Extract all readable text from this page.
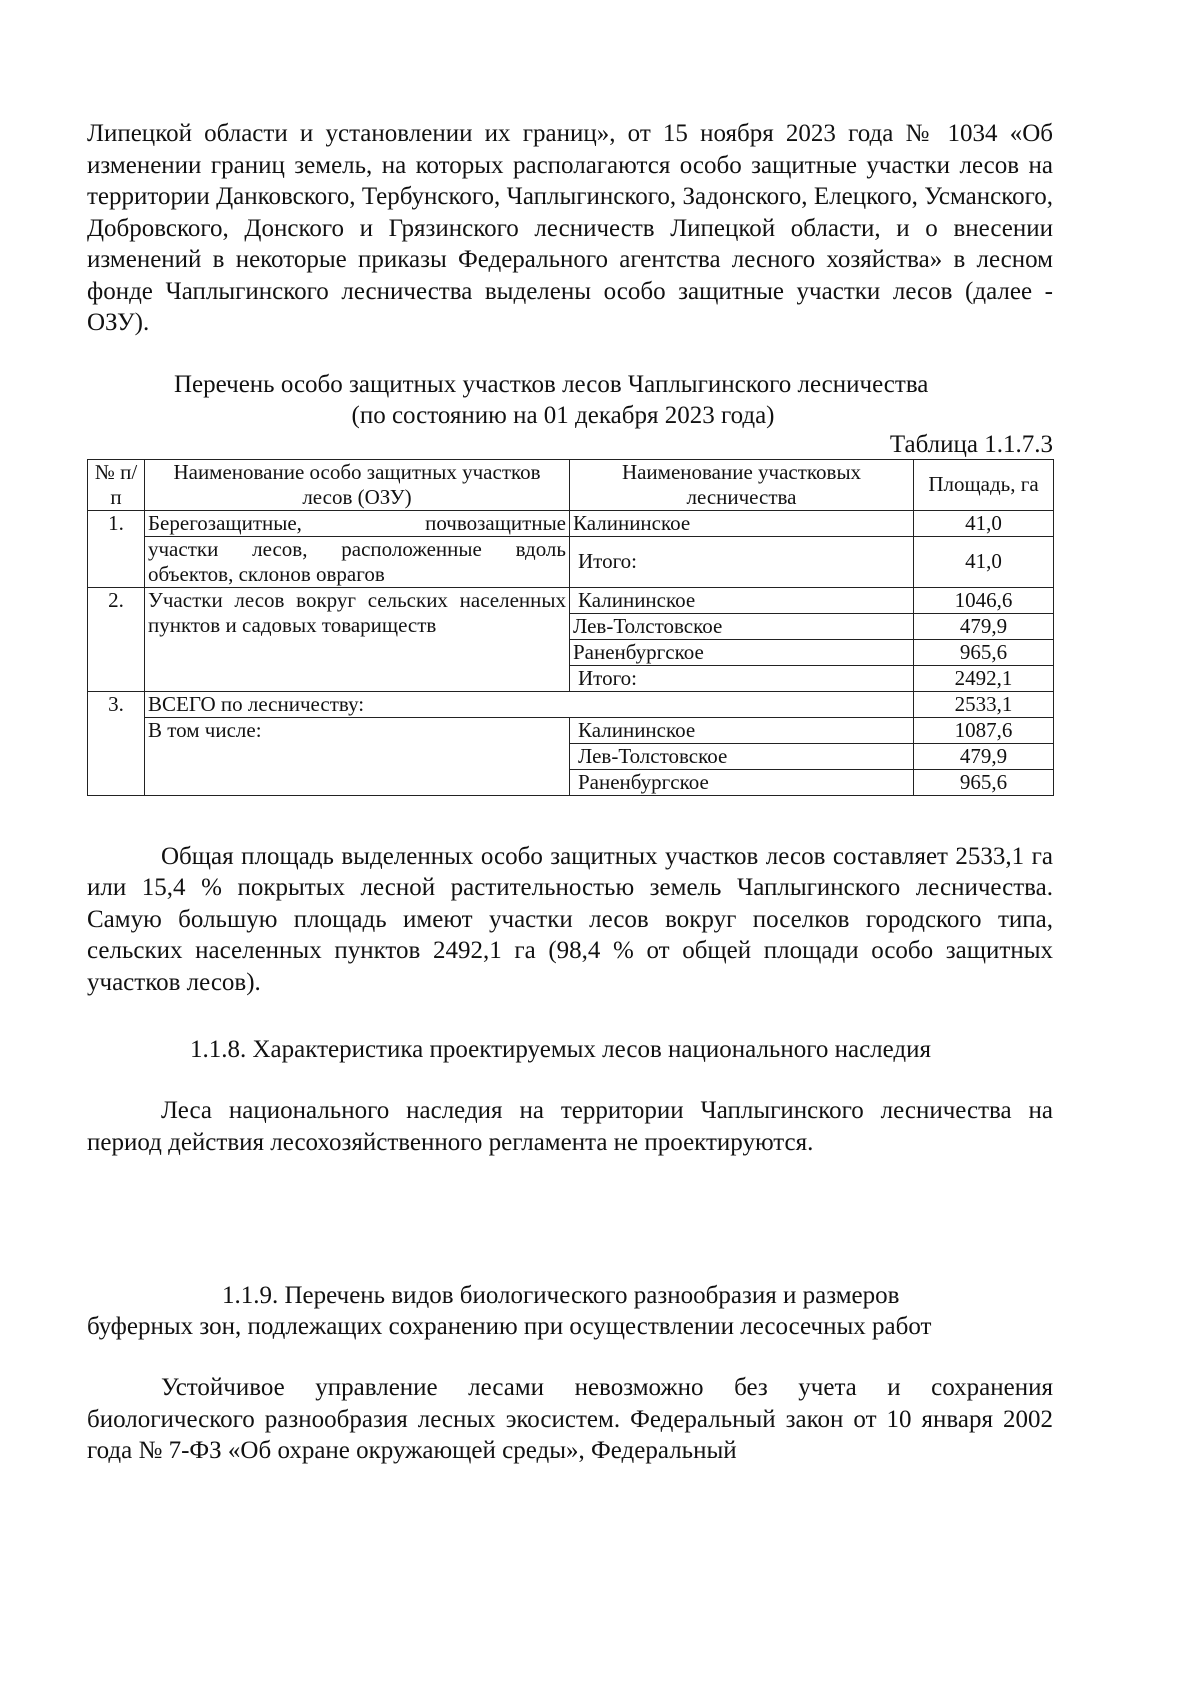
Липецкой области и установлении их границ», от 15 ноября 2023 года № 1034 «Об изменении границ земель, на которых располагаются особо защитные участки лесов на территории Данковского, Тербунского, Чаплыгинского, Задонского, Елецкого, Усманского, Добровского, Донского и Грязинского лесничеств Липецкой области, и о внесении изменений в некоторые приказы Федерального агентства лесного хозяйства» в лесном фонде Чаплыгинского лесничества выделены особо защитные участки лесов (далее - ОЗУ).

Перечень особо защитных участков лесов Чаплыгинского лесничества

(по состоянию на 01 декабря 2023 года)

Таблица 1.1.7.3

№ п/п	Наименование особо защитных участков лесов (ОЗУ)	Наименование участковых лесничества	Площадь, га
1.	Берегозащитные, почвозащитные	Калининское	41,0
	участки лесов, расположенные вдоль объектов, склонов оврагов	Итого:	41,0
2.	Участки лесов вокруг сельских населенных пунктов и садовых товариществ	Калининское	1046,6
		Лев-Толстовское	479,9
		Раненбургское	965,6
		Итого:	2492,1
3.	ВСЕГО по лесничеству:		2533,1
	В том числе:	Калининское	1087,6
		Лев-Толстовское	479,9
		Раненбургское	965,6

Общая площадь выделенных особо защитных участков лесов составляет 2533,1 га или 15,4 % покрытых лесной растительностью земель Чаплыгинского лесничества. Самую большую площадь имеют участки лесов вокруг поселков городского типа, сельских населенных пунктов 2492,1 га (98,4 % от общей площади особо защитных участков лесов).

1.1.8. Характеристика проектируемых лесов национального наследия

Леса национального наследия на территории Чаплыгинского лесничества на период действия лесохозяйственного регламента не проектируются.

1.1.9. Перечень видов биологического разнообразия и размеров

буферных зон, подлежащих сохранению при осуществлении лесосечных работ

Устойчивое управление лесами невозможно без учета и сохранения биологического разнообразия лесных экосистем. Федеральный закон от 10 января 2002 года № 7-ФЗ «Об охране окружающей среды», Федеральный
